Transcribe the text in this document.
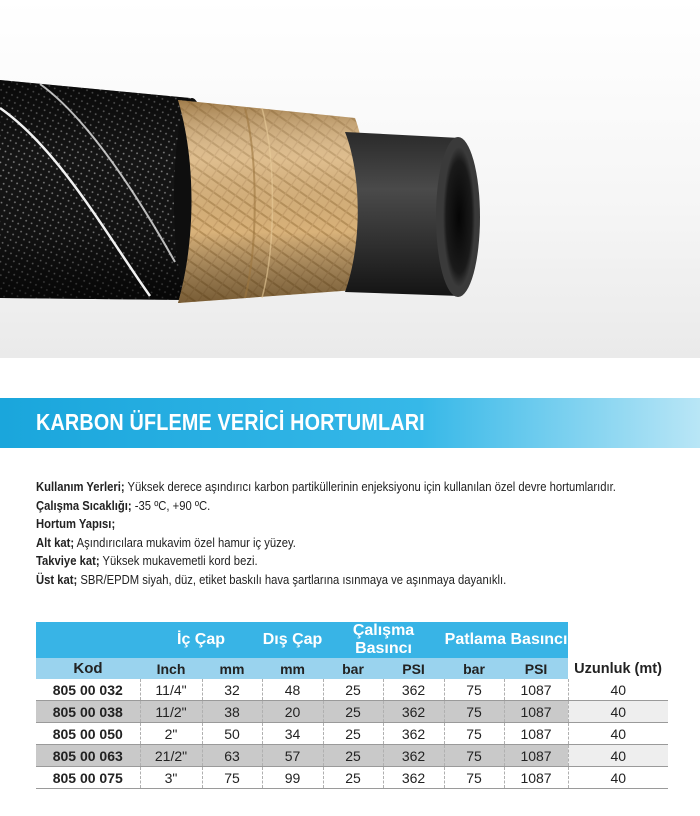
KARBON ÜFLEME VERİCİ HORTUMLARI

Kullanım Yerleri; Yüksek derece aşındırıcı karbon partiküllerinin enjeksiyonu için kullanılan özel devre hortumlarıdır.

Çalışma Sıcaklığı; -35 ºC, +90 ºC.

Hortum Yapısı;

Alt kat; Aşındırıcılara mukavim özel hamur iç yüzey.

Takviye kat; Yüksek mukavemetli kord bezi.

Üst kat; SBR/EPDM siyah, düz, etiket baskılı hava şartlarına ısınmaya ve aşınmaya dayanıklı.

	İç Çap		Dış Çap	Çalışma Basıncı		Patlama Basıncı		
Kod	Inch	mm	mm	bar	PSI	bar	PSI	Uzunluk (mt)
805 00 032	11/4"	32	48	25	362	75	1087	40
805 00 038	11/2"	38	20	25	362	75	1087	40
805 00 050	2"	50	34	25	362	75	1087	40
805 00 063	21/2"	63	57	25	362	75	1087	40
805 00 075	3"	75	99	25	362	75	1087	40
